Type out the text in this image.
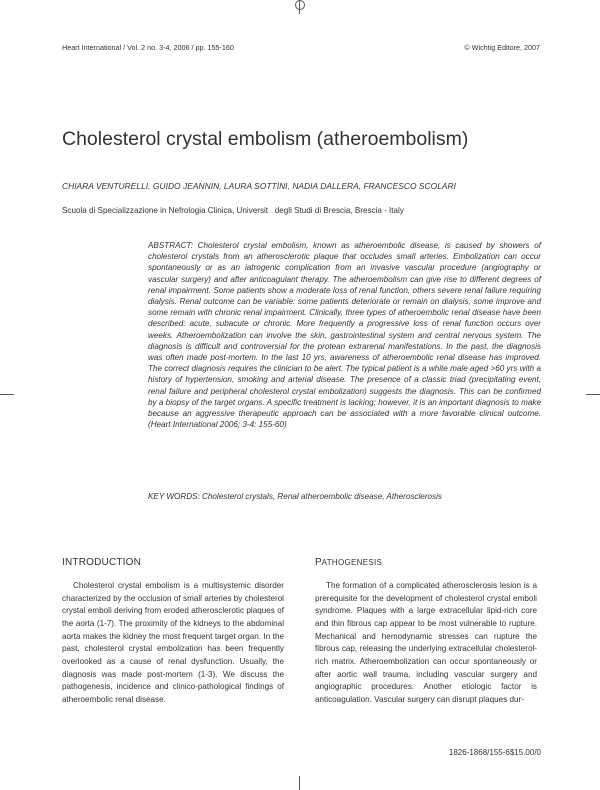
Heart International / Vol. 2 no. 3-4, 2006 / pp. 155-160	© Wichtig Editore, 2007
Cholesterol crystal embolism (atheroembolism)
CHIARA VENTURELLI, GUIDO JEANNIN, LAURA SOTTINI, NADIA DALLERA, FRANCESCO SCOLARI
Scuola di Specializzazione in Nefrologia Clinica, Universit   degli Studi di Brescia, Brescia - Italy

ABSTRACT: Cholesterol crystal embolism, known as atheroembolic disease, is caused by showers of cholesterol crystals from an atherosclerotic plaque that occludes small arteries. Embolization can occur spontaneously or as an iatrogenic complication from an invasive vascular procedure (angiography or vascular surgery) and after anticoagulant therapy. The atheroembolism can give rise to different degrees of renal impairment. Some patients show a moderate loss of renal function, others severe renal failure requiring dialysis. Renal outcome can be variable: some patients deteriorate or remain on dialysis, some improve and some remain with chronic renal impairment. Clinically, three types of atheroembolic renal disease have been described: acute, subacute or chronic. More frequently a progressive loss of renal function occurs over weeks. Atheroembolization can involve the skin, gastrointestinal system and central nervous system. The diagnosis is difficult and controversial for the protean extrarenal manifestations. In the past, the diagnosis was often made post-mortem. In the last 10 yrs, awareness of atheroembolic renal disease has improved. The correct diagnosis requires the clinician to be alert. The typical patient is a white male aged >60 yrs with a history of hypertension, smoking and arterial disease. The presence of a classic triad (precipitating event, renal failure and peripheral cholesterol crystal embolization) suggests the diagnosis. This can be confirmed by a biopsy of the target organs. A specific treatment is lacking; however, it is an important diagnosis to make because an aggressive therapeutic approach can be associated with a more favorable clinical outcome. (Heart International 2006; 3-4: 155-60)

KEY WORDS: Cholesterol crystals, Renal atheroembolic disease, Atherosclerosis
INTRODUCTION	PATHOGENESIS

Cholesterol crystal embolism is a multisystemic disorder characterized by the occlusion of small arteries by cholesterol crystal emboli deriving from eroded atherosclerotic plaques of the aorta (1-7). The proximity of the kidneys to the abdominal aorta makes the kidney the most frequent target organ. In the past, cholesterol crystal embolization has been frequently overlooked as a cause of renal dysfunction. Usually, the diagnosis was made post-mortem (1-3). We discuss the pathogenesis, incidence and clinico-pathological findings of atheroembolic renal disease.

The formation of a complicated atherosclerosis lesion is a prerequisite for the development of cholesterol crystal emboli syndrome. Plaques with a large extracellular lipid-rich core and thin fibrous cap appear to be most vulnerable to rupture. Mechanical and hemodynamic stresses can rupture the fibrous cap, releasing the underlying extracellular cholesterol-rich matrix. Atheroembolization can occur spontaneously or after aortic wall trauma, including vascular surgery and angiographic procedures. Another etiologic factor is anticoagulation. Vascular surgery can disrupt plaques dur-

1826-1868/155-6$15.00/0
